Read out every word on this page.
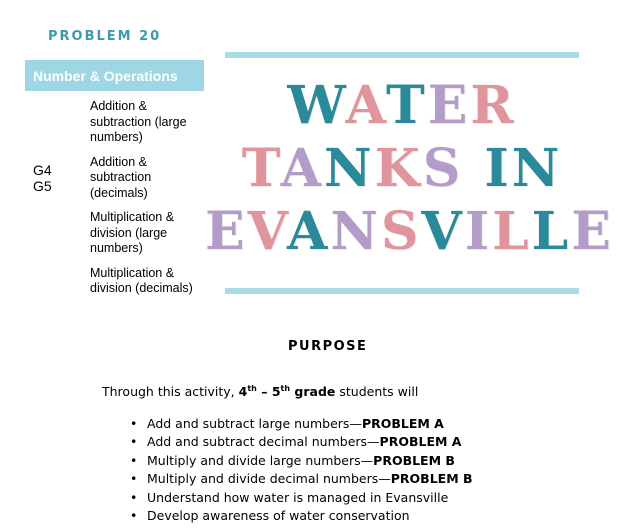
PROBLEM 20
Number & Operations
G4
G5
Addition & subtraction (large numbers)
Addition & subtraction (decimals)
Multiplication & division (large numbers)
Multiplication & division (decimals)
WATER
TANKS IN
EVANSVILLE
PURPOSE
Through this activity, 4th – 5th grade students will
• Add and subtract large numbers—PROBLEM A
• Add and subtract decimal numbers—PROBLEM A
• Multiply and divide large numbers—PROBLEM B
• Multiply and divide decimal numbers—PROBLEM B
• Understand how water is managed in Evansville
• Develop awareness of water conservation
